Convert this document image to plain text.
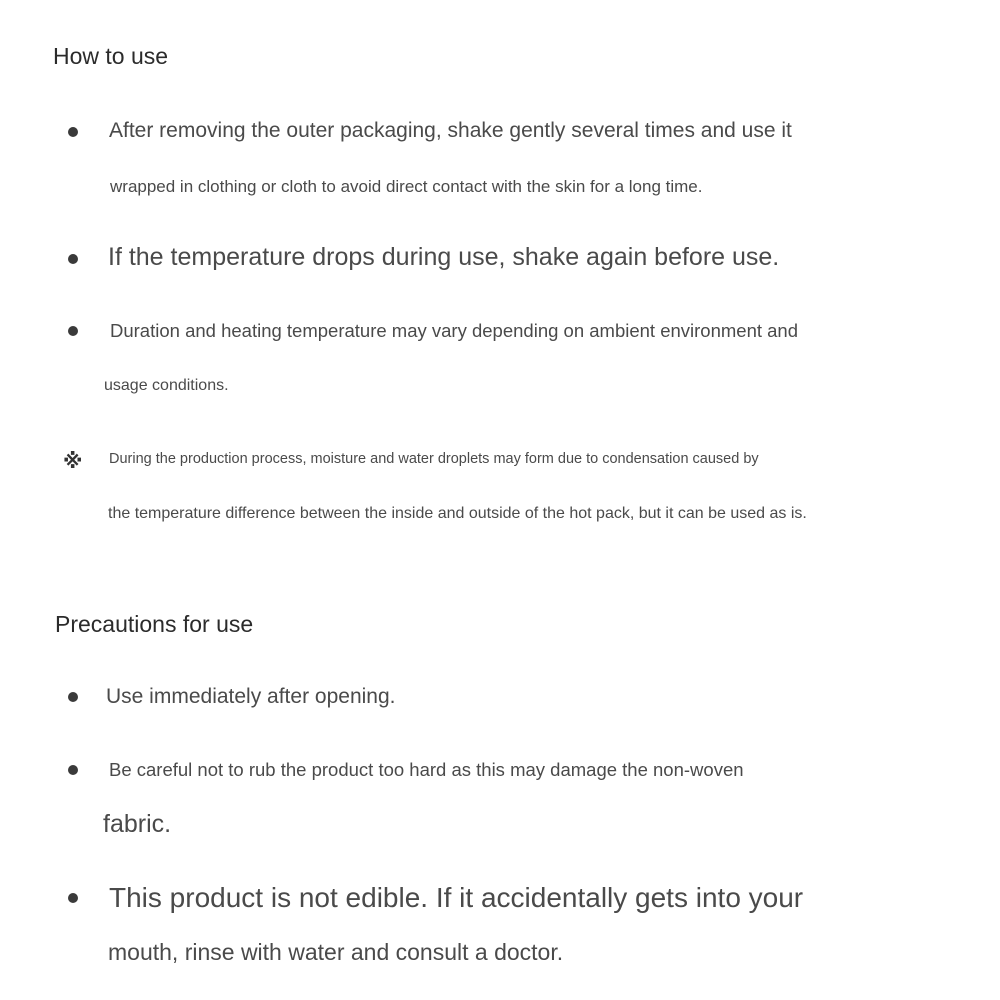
How to use

After removing the outer packaging, shake gently several times and use it

wrapped in clothing or cloth to avoid direct contact with the skin for a long time.

If the temperature drops during use, shake again before use.

Duration and heating temperature may vary depending on ambient environment and

usage conditions.

※ During the production process, moisture and water droplets may form due to condensation caused by

the temperature difference between the inside and outside of the hot pack, but it can be used as is.

Precautions for use

Use immediately after opening.

Be careful not to rub the product too hard as this may damage the non-woven

fabric.

This product is not edible. If it accidentally gets into your

mouth, rinse with water and consult a doctor.
